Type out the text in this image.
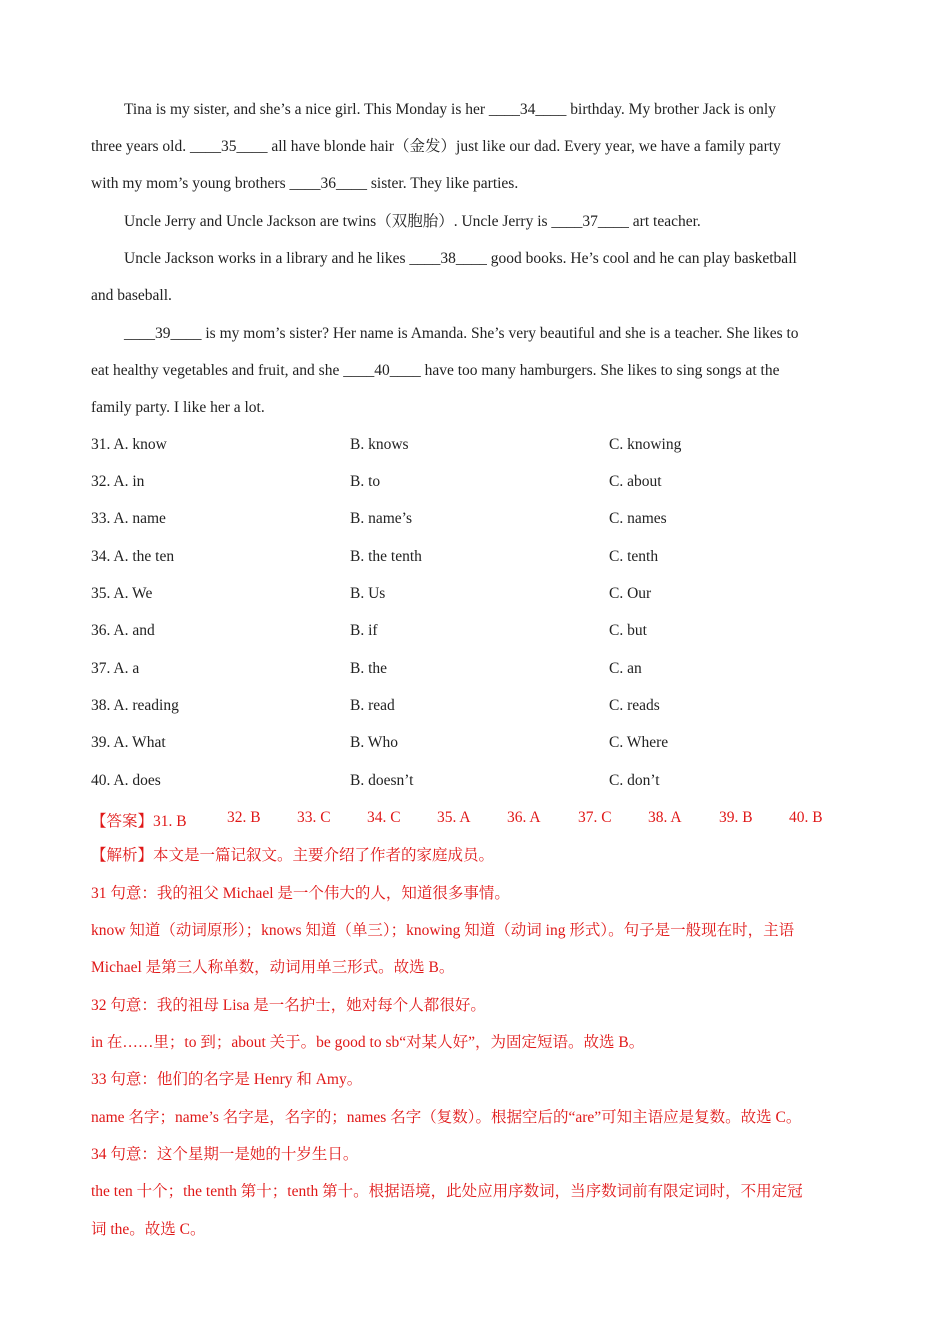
Tina is my sister, and she’s a nice girl. This Monday is her ____34____ birthday. My brother Jack is only
three years old. ____35____ all have blonde hair（金发）just like our dad. Every year, we have a family party
with my mom’s young brothers ____36____ sister. They like parties.
Uncle Jerry and Uncle Jackson are twins（双胞胎）. Uncle Jerry is ____37____ art teacher.
Uncle Jackson works in a library and he likes ____38____ good books. He’s cool and he can play basketball
and baseball.
____39____ is my mom’s sister? Her name is Amanda. She’s very beautiful and she is a teacher. She likes to
eat healthy vegetables and fruit, and she ____40____ have too many hamburgers. She likes to sing songs at the
family party. I like her a lot.
31. A. know	B. knows	C. knowing
32. A. in	B. to	C. about
33. A. name	B. name’s	C. names
34. A. the ten	B. the tenth	C. tenth
35. A. We	B. Us	C. Our
36. A. and	B. if	C. but
37. A. a	B. the	C. an
38. A. reading	B. read	C. reads
39. A. What	B. Who	C. Where
40. A. does	B. doesn’t	C. don’t
【答案】31. B	32. B 33. C 34. C 35. A 36. A 37. C 38. A 39. B 40. B
【解析】本文是一篇记叙文。主要介绍了作者的家庭成员。
31 句意：我的祖父 Michael 是一个伟大的人，知道很多事情。
know 知道（动词原形）；knows 知道（单三）；knowing 知道（动词 ing 形式）。句子是一般现在时，主语
Michael 是第三人称单数，动词用单三形式。故选 B。
32 句意：我的祖母 Lisa 是一名护士，她对每个人都很好。
in 在……里；to 到；about 关于。be good to sb“对某人好”，为固定短语。故选 B。
33 句意：他们的名字是 Henry 和 Amy。
name 名字；name’s 名字是，名字的；names 名字（复数）。根据空后的“are”可知主语应是复数。故选 C。
34 句意：这个星期一是她的十岁生日。
the ten 十个；the tenth 第十；tenth 第十。根据语境，此处应用序数词，当序数词前有限定词时，不用定冠
词 the。故选 C。
